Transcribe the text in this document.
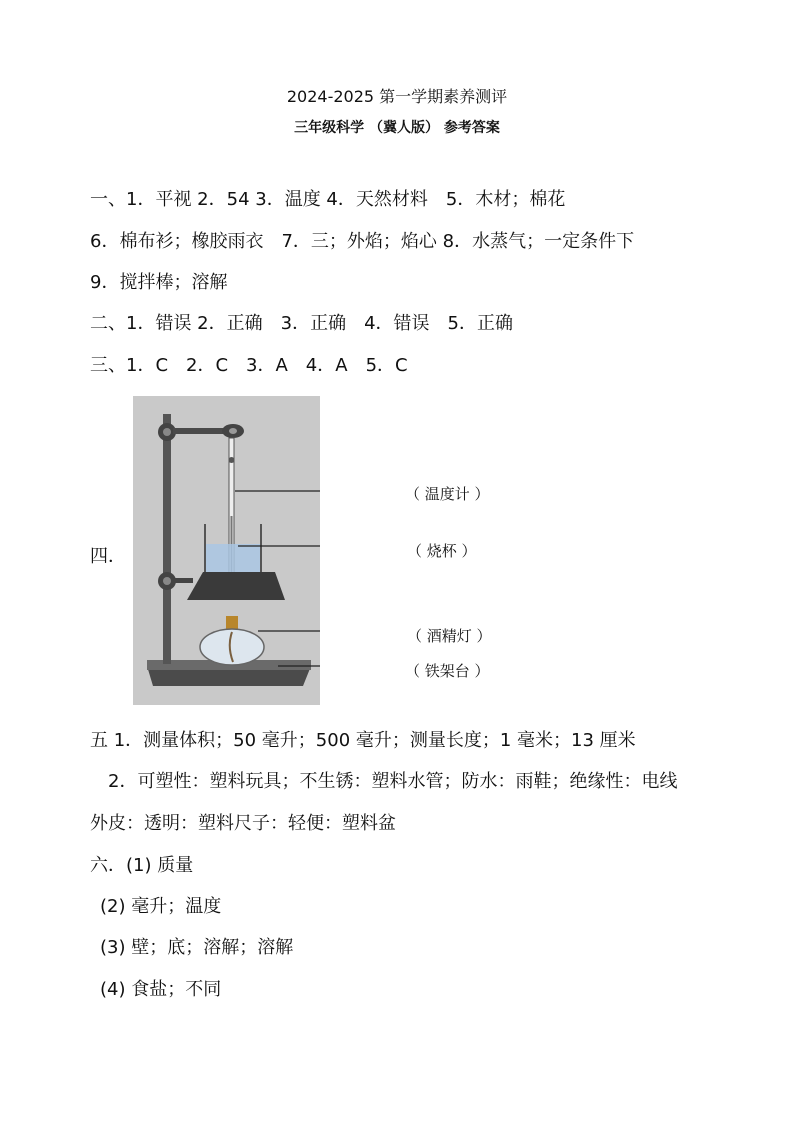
2024-2025 第一学期素养测评
三年级科学 （冀人版） 参考答案
一、1．平视 2．54 3．温度 4．天然材料　5．木材；棉花
6．棉布衫；橡胶雨衣　7．三；外焰；焰心 8．水蒸气；一定条件下
9．搅拌棒；溶解
二、1．错误 2．正确　3．正确　4．错误　5．正确
三、1．C　2．C　3．A　4．A　5．C
四．
（ 温度计 ）
（ 烧杯 ）
（ 酒精灯 ）
（ 铁架台 ）
五 1．测量体积；50 毫升；500 毫升；测量长度；1 毫米；13 厘米
2．可塑性：塑料玩具；不生锈：塑料水管；防水：雨鞋；绝缘性：电线
外皮：透明：塑料尺子：轻便：塑料盆
六．(1) 质量
(2) 毫升；温度
(3) 壁；底；溶解；溶解
(4) 食盐；不同
